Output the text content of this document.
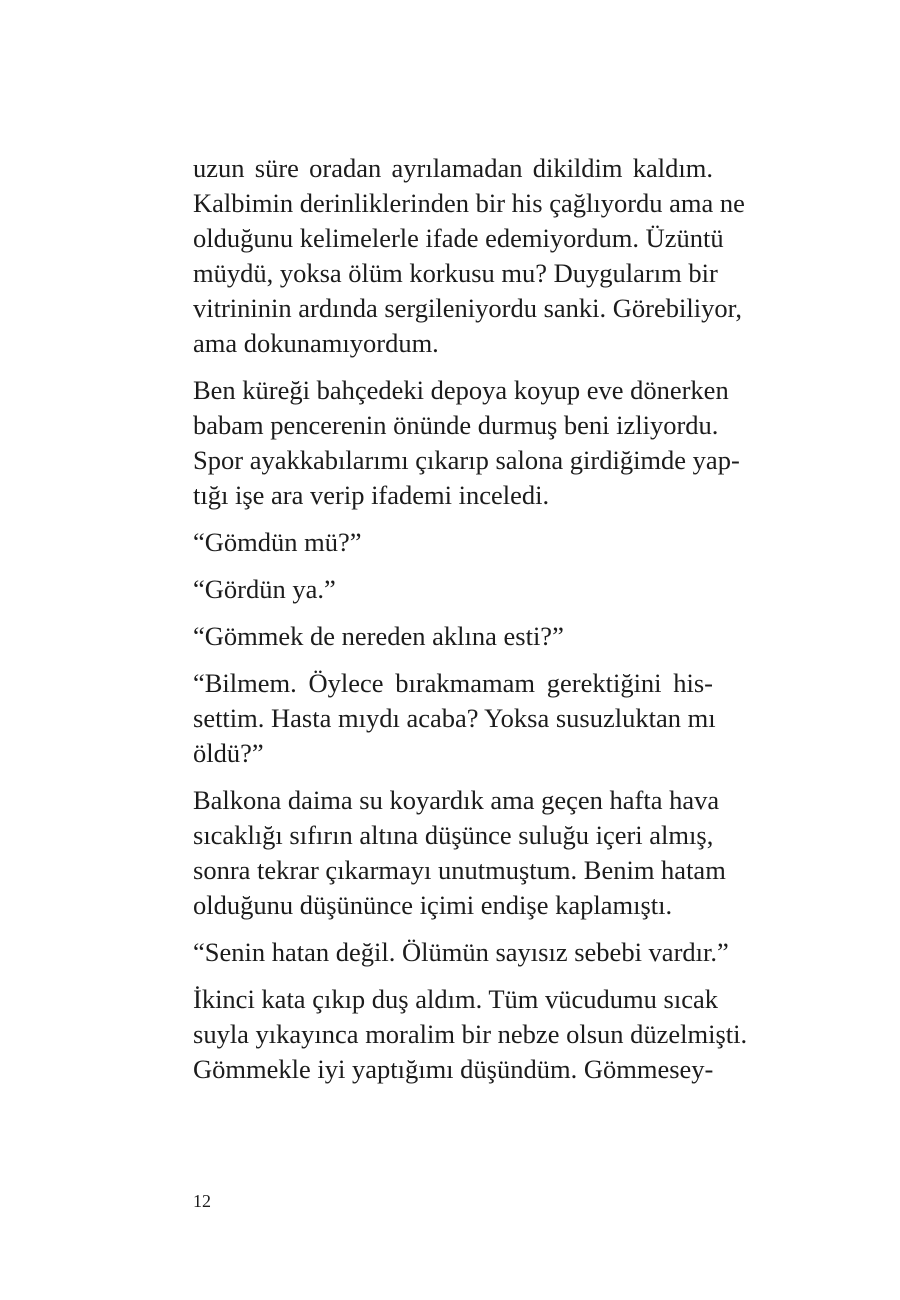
uzun süre oradan ayrılamadan dikildim kaldım.
Kalbimin derinliklerinden bir his çağlıyordu ama ne
olduğunu kelimelerle ifade edemiyordum. Üzüntü
müydü, yoksa ölüm korkusu mu? Duygularım bir
vitrininin ardında sergileniyordu sanki. Görebiliyor,
ama dokunamıyordum.
Ben küreği bahçedeki depoya koyup eve dönerken
babam pencerenin önünde durmuş beni izliyordu.
Spor ayakkabılarımı çıkarıp salona girdiğimde yap-
tığı işe ara verip ifademi inceledi.
“Gömdün mü?”
“Gördün ya.”
“Gömmek de nereden aklına esti?”
“Bilmem. Öylece bırakmamam gerektiğini his-
settim. Hasta mıydı acaba? Yoksa susuzluktan mı
öldü?”
Balkona daima su koyardık ama geçen hafta hava
sıcaklığı sıfırın altına düşünce suluğu içeri almış,
sonra tekrar çıkarmayı unutmuştum. Benim hatam
olduğunu düşününce içimi endişe kaplamıştı.
“Senin hatan değil. Ölümün sayısız sebebi vardır.”
İkinci kata çıkıp duş aldım. Tüm vücudumu sıcak
suyla yıkayınca moralim bir nebze olsun düzelmişti.
Gömmekle iyi yaptığımı düşündüm. Gömmesey-
12
